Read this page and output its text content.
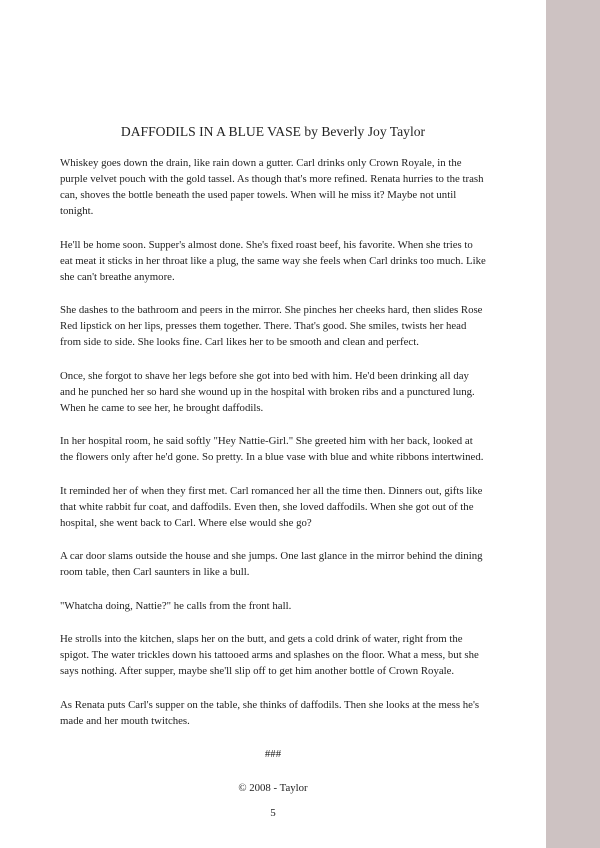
DAFFODILS IN A BLUE VASE by Beverly Joy Taylor

Whiskey goes down the drain, like rain down a gutter. Carl drinks only Crown Royale, in the purple velvet pouch with the gold tassel. As though that's more refined. Renata hurries to the trash can, shoves the bottle beneath the used paper towels. When will he miss it? Maybe not until tonight.

He'll be home soon. Supper's almost done. She's fixed roast beef, his favorite. When she tries to eat meat it sticks in her throat like a plug, the same way she feels when Carl drinks too much. Like she can't breathe anymore.

She dashes to the bathroom and peers in the mirror. She pinches her cheeks hard, then slides Rose Red lipstick on her lips, presses them together. There. That's good. She smiles, twists her head from side to side. She looks fine. Carl likes her to be smooth and clean and perfect.

Once, she forgot to shave her legs before she got into bed with him. He'd been drinking all day and he punched her so hard she wound up in the hospital with broken ribs and a punctured lung. When he came to see her, he brought daffodils.

In her hospital room, he said softly "Hey Nattie-Girl." She greeted him with her back, looked at the flowers only after he'd gone. So pretty. In a blue vase with blue and white ribbons intertwined.

It reminded her of when they first met. Carl romanced her all the time then. Dinners out, gifts like that white rabbit fur coat, and daffodils. Even then, she loved daffodils. When she got out of the hospital, she went back to Carl. Where else would she go?

A car door slams outside the house and she jumps. One last glance in the mirror behind the dining room table, then Carl saunters in like a bull.

"Whatcha doing, Nattie?" he calls from the front hall.

He strolls into the kitchen, slaps her on the butt, and gets a cold drink of water, right from the spigot. The water trickles down his tattooed arms and splashes on the floor. What a mess, but she says nothing. After supper, maybe she'll slip off to get him another bottle of Crown Royale.

As Renata puts Carl's supper on the table, she thinks of daffodils. Then she looks at the mess he's made and her mouth twitches.

###

© 2008 - Taylor

5
